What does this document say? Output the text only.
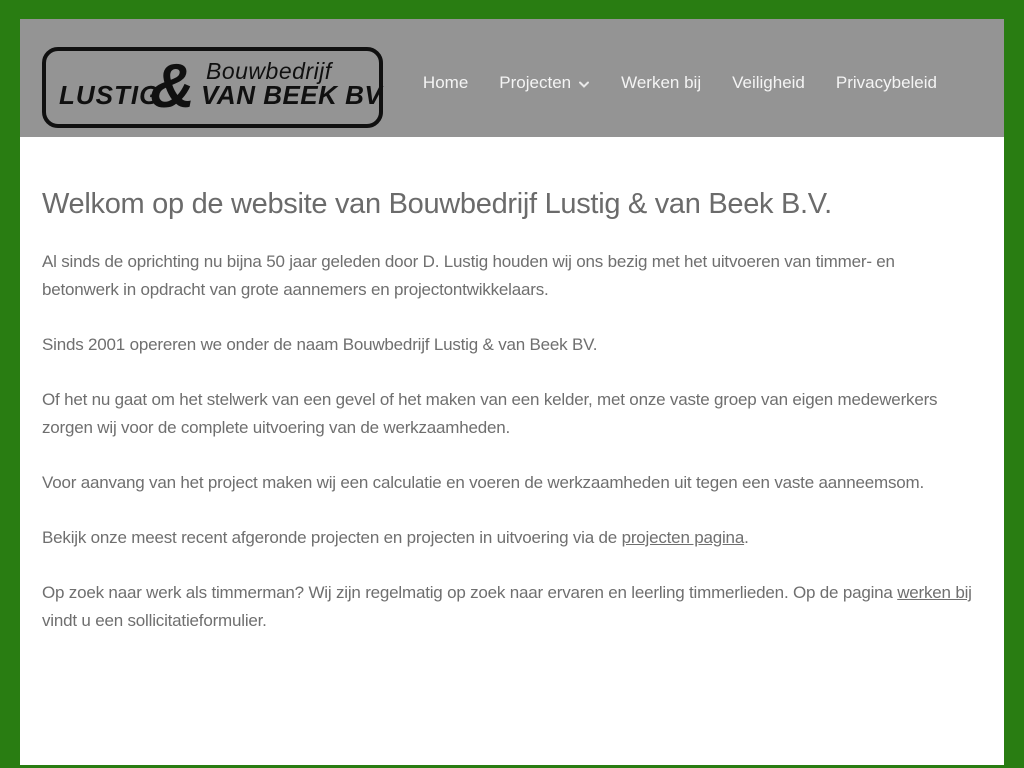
Bouwbedrijf
LUSTIG
& VAN BEEK BV Home Projecten	Werken bij Veiligheid Privacybeleid
Welkom op de website van Bouwbedrijf Lustig & van Beek B.V.

Al sinds de oprichting nu bijna 50 jaar geleden door D. Lustig houden wij ons bezig met het uitvoeren van timmer- en betonwerk in opdracht van grote aannemers en projectontwikkelaars.

Sinds 2001 opereren we onder de naam Bouwbedrijf Lustig & van Beek BV.

Of het nu gaat om het stelwerk van een gevel of het maken van een kelder, met onze vaste groep van eigen medewerkers zorgen wij voor de complete uitvoering van de werkzaamheden.

Voor aanvang van het project maken wij een calculatie en voeren de werkzaamheden uit tegen een vaste aanneemsom.

Bekijk onze meest recent afgeronde projecten en projecten in uitvoering via de projecten pagina.

Op zoek naar werk als timmerman? Wij zijn regelmatig op zoek naar ervaren en leerling timmerlieden. Op de pagina werken bij vindt u een sollicitatieformulier.
